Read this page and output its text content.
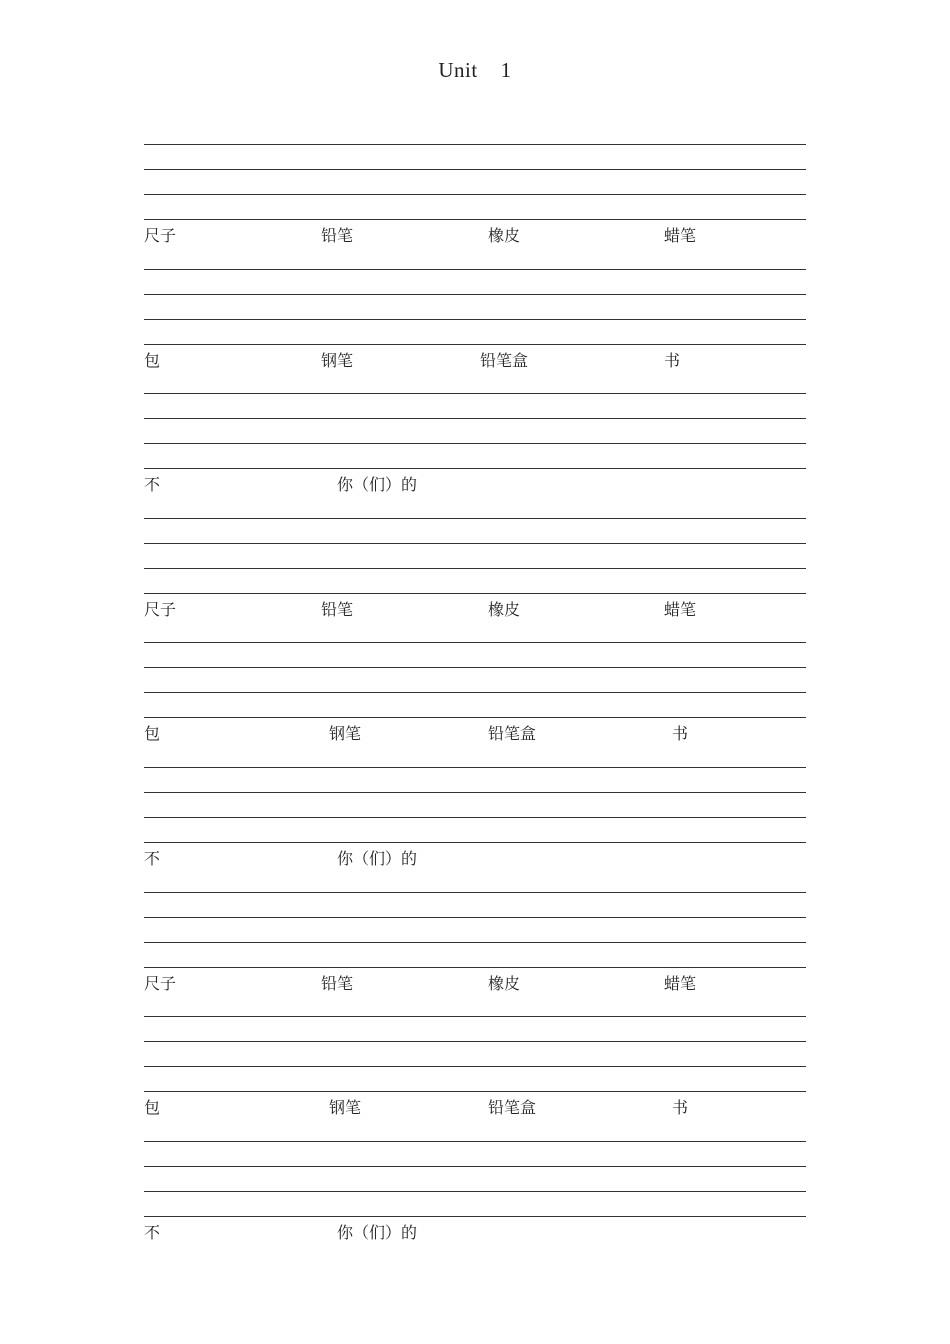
Unit    1
尺子	铅笔	橡皮	蜡笔
包	钢笔	铅笔盒	书
不	你（们）的
尺子	铅笔	橡皮	蜡笔
包	钢笔	铅笔盒	书
不	你（们）的
尺子	铅笔	橡皮	蜡笔
包	钢笔	铅笔盒	书
不	你（们）的
